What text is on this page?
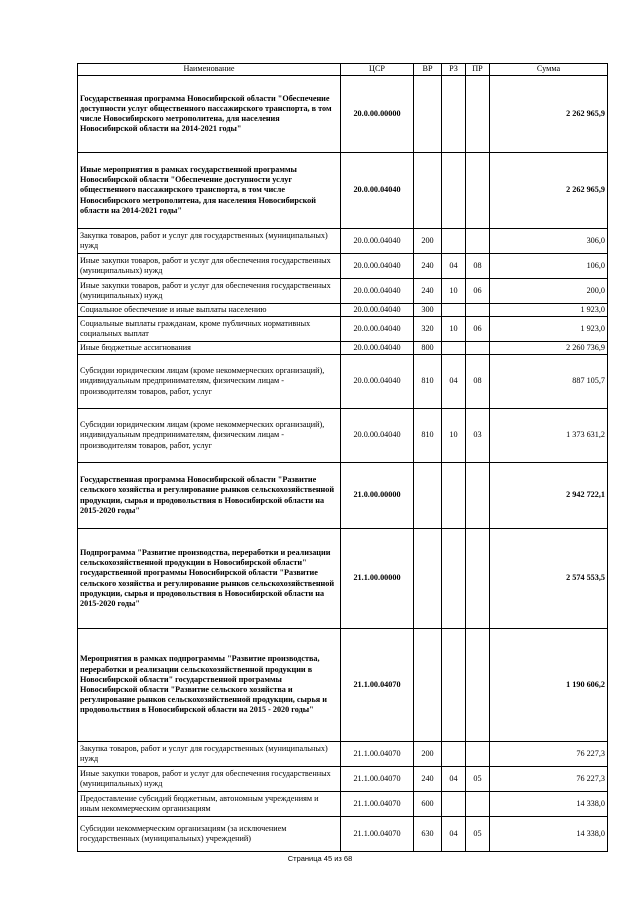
Наименование	ЦСР	ВР	РЗ	ПР	Сумма
Государственная программа Новосибирской области "Обеспечение доступности услуг общественного пассажирского транспорта, в том числе Новосибирского метрополитена, для населения Новосибирской области на 2014-2021 годы"	20.0.00.00000				2 262 965,9
Иные мероприятия в рамках государственной программы Новосибирской области "Обеспечение доступности услуг общественного пассажирского транспорта, в том числе Новосибирского метрополитена, для населения Новосибирской области на 2014-2021 годы"	20.0.00.04040				2 262 965,9
Закупка товаров, работ и услуг для государственных (муниципальных) нужд	20.0.00.04040	200			306,0
Иные закупки товаров, работ и услуг для обеспечения государственных (муниципальных) нужд	20.0.00.04040	240	04	08	106,0
Иные закупки товаров, работ и услуг для обеспечения государственных (муниципальных) нужд	20.0.00.04040	240	10	06	200,0
Социальное обеспечение и иные выплаты населению	20.0.00.04040	300			1 923,0
Социальные выплаты гражданам, кроме публичных нормативных социальных выплат	20.0.00.04040	320	10	06	1 923,0
Иные бюджетные ассигнования	20.0.00.04040	800			2 260 736,9
Субсидии юридическим лицам (кроме некоммерческих организаций), индивидуальным предпринимателям, физическим лицам - производителям товаров, работ, услуг	20.0.00.04040	810	04	08	887 105,7
Субсидии юридическим лицам (кроме некоммерческих организаций), индивидуальным предпринимателям, физическим лицам - производителям товаров, работ, услуг	20.0.00.04040	810	10	03	1 373 631,2
Государственная программа Новосибирской области "Развитие сельского хозяйства и регулирование рынков сельскохозяйственной продукции, сырья и продовольствия в Новосибирской области на 2015-2020 годы"	21.0.00.00000				2 942 722,1
Подпрограмма "Развитие производства, переработки и реализации сельскохозяйственной продукции в Новосибирской области" государственной программы Новосибирской области "Развитие сельского хозяйства и регулирование рынков сельскохозяйственной продукции, сырья и продовольствия в Новосибирской области на 2015-2020 годы"	21.1.00.00000				2 574 553,5
Мероприятия в рамках подпрограммы "Развитие производства, переработки и реализации сельскохозяйственной продукции в Новосибирской области" государственной программы Новосибирской области "Развитие сельского хозяйства и регулирование рынков сельскохозяйственной продукции, сырья и продовольствия в Новосибирской области на 2015 - 2020 годы"	21.1.00.04070				1 190 606,2
Закупка товаров, работ и услуг для государственных (муниципальных) нужд	21.1.00.04070	200			76 227,3
Иные закупки товаров, работ и услуг для обеспечения государственных (муниципальных) нужд	21.1.00.04070	240	04	05	76 227,3
Предоставление субсидий бюджетным, автономным учреждениям и иным некоммерческим организациям	21.1.00.04070	600			14 338,0
Субсидии некоммерческим организациям (за исключением государственных (муниципальных) учреждений)	21.1.00.04070	630	04	05	14 338,0
Страница 45 из 68
